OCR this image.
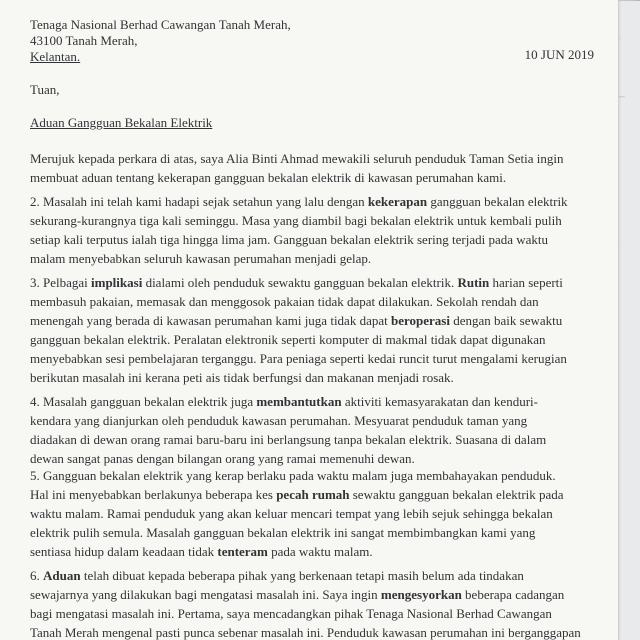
Tenaga Nasional Berhad Cawangan Tanah Merah,
43100 Tanah Merah,
Kelantan.	10 JUN 2019
Tuan,
Aduan Gangguan Bekalan Elektrik
Merujuk kepada perkara di atas, saya Alia Binti Ahmad mewakili seluruh penduduk Taman Setia ingin
membuat aduan tentang kekerapan gangguan bekalan elektrik di kawasan perumahan kami.
2. Masalah ini telah kami hadapi sejak setahun yang lalu dengan kekerapan gangguan bekalan elektrik
sekurang-kurangnya tiga kali seminggu. Masa yang diambil bagi bekalan elektrik untuk kembali pulih
setiap kali terputus ialah tiga hingga lima jam. Gangguan bekalan elektrik sering terjadi pada waktu
malam menyebabkan seluruh kawasan perumahan menjadi gelap.
3. Pelbagai implikasi dialami oleh penduduk sewaktu gangguan bekalan elektrik. Rutin harian seperti
membasuh pakaian, memasak dan menggosok pakaian tidak dapat dilakukan. Sekolah rendah dan
menengah yang berada di kawasan perumahan kami juga tidak dapat beroperasi dengan baik sewaktu
gangguan bekalan elektrik. Peralatan elektronik seperti komputer di makmal tidak dapat digunakan
menyebabkan sesi pembelajaran terganggu. Para peniaga seperti kedai runcit turut mengalami kerugian
berikutan masalah ini kerana peti ais tidak berfungsi dan makanan menjadi rosak.
4. Masalah gangguan bekalan elektrik juga membantutkan aktiviti kemasyarakatan dan kenduri-
kendara yang dianjurkan oleh penduduk kawasan perumahan. Mesyuarat penduduk taman yang
diadakan di dewan orang ramai baru-baru ini berlangsung tanpa bekalan elektrik. Suasana di dalam
dewan sangat panas dengan bilangan orang yang ramai memenuhi dewan.
5. Gangguan bekalan elektrik yang kerap berlaku pada waktu malam juga membahayakan penduduk.
Hal ini menyebabkan berlakunya beberapa kes pecah rumah sewaktu gangguan bekalan elektrik pada
waktu malam. Ramai penduduk yang akan keluar mencari tempat yang lebih sejuk sehingga bekalan
elektrik pulih semula. Masalah gangguan bekalan elektrik ini sangat membimbangkan kami yang
sentiasa hidup dalam keadaan tidak tenteram pada waktu malam.
6. Aduan telah dibuat kepada beberapa pihak yang berkenaan tetapi masih belum ada tindakan
sewajarnya yang dilakukan bagi mengatasi masalah ini. Saya ingin mengesyorkan beberapa cadangan
bagi mengatasi masalah ini. Pertama, saya mencadangkan pihak Tenaga Nasional Berhad Cawangan
Tanah Merah mengenal pasti punca sebenar masalah ini. Penduduk kawasan perumahan ini berganggapan
